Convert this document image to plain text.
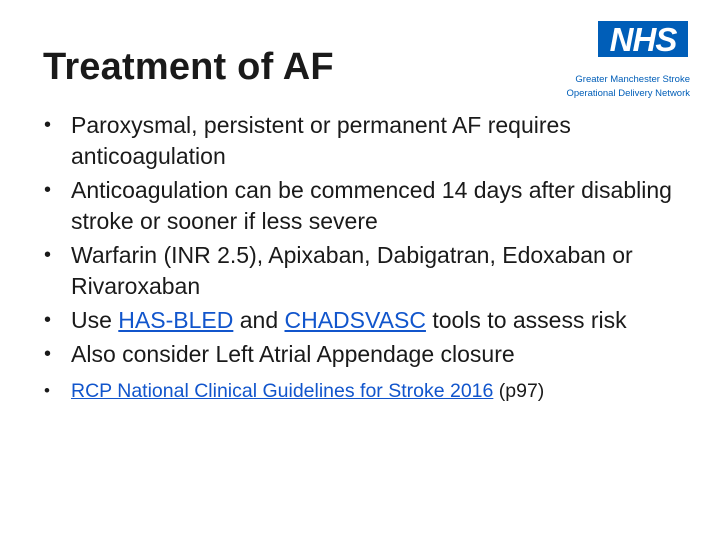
Treatment of AF
NHS
Greater Manchester Stroke
Operational Delivery Network
• Paroxysmal, persistent or permanent AF requires anticoagulation
• Anticoagulation can be commenced 14 days after disabling stroke or sooner if less severe
• Warfarin (INR 2.5), Apixaban, Dabigatran, Edoxaban or Rivaroxaban
• Use HAS-BLED and CHADSVASC tools to assess risk
• Also consider Left Atrial Appendage closure
• RCP National Clinical Guidelines for Stroke 2016 (p97)
